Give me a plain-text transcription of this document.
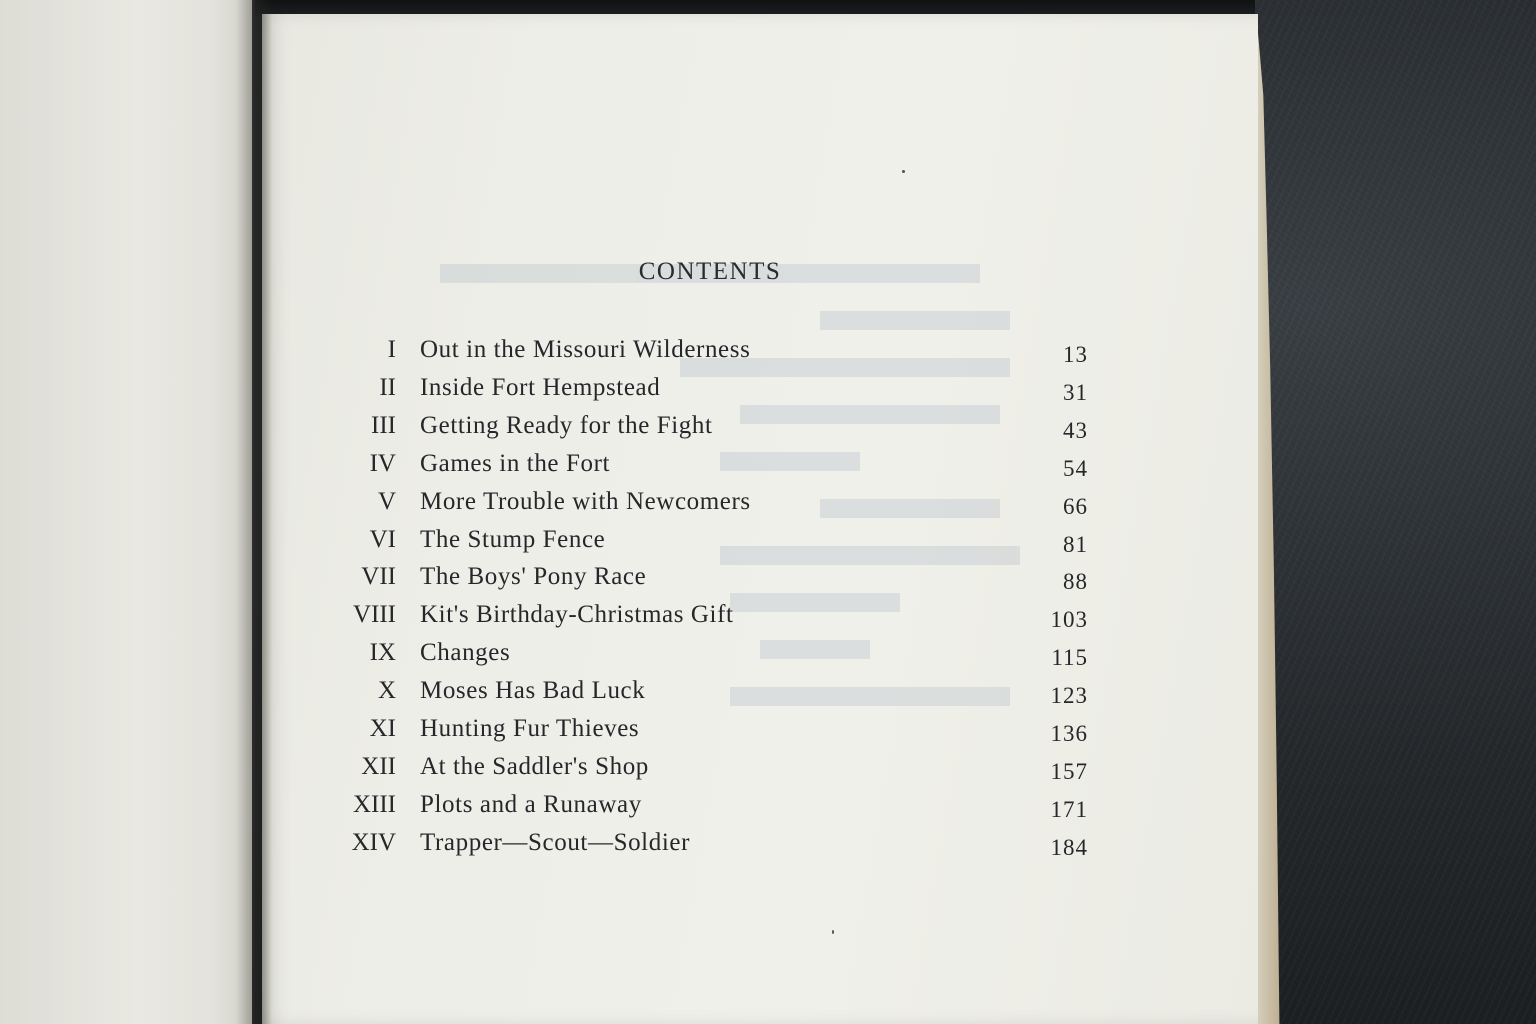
CONTENTS
I Out in the Missouri Wilderness	13
II Inside Fort Hempstead	31
III Getting Ready for the Fight	43
IV Games in the Fort	54
V More Trouble with Newcomers	66
VI The Stump Fence	81
VII The Boys' Pony Race	88
VIII Kit's Birthday-Christmas Gift	103
IX Changes	115
X Moses Has Bad Luck	123
XI Hunting Fur Thieves	136
XII At the Saddler's Shop	157
XIII Plots and a Runaway	171
XIV Trapper—Scout—Soldier	184
